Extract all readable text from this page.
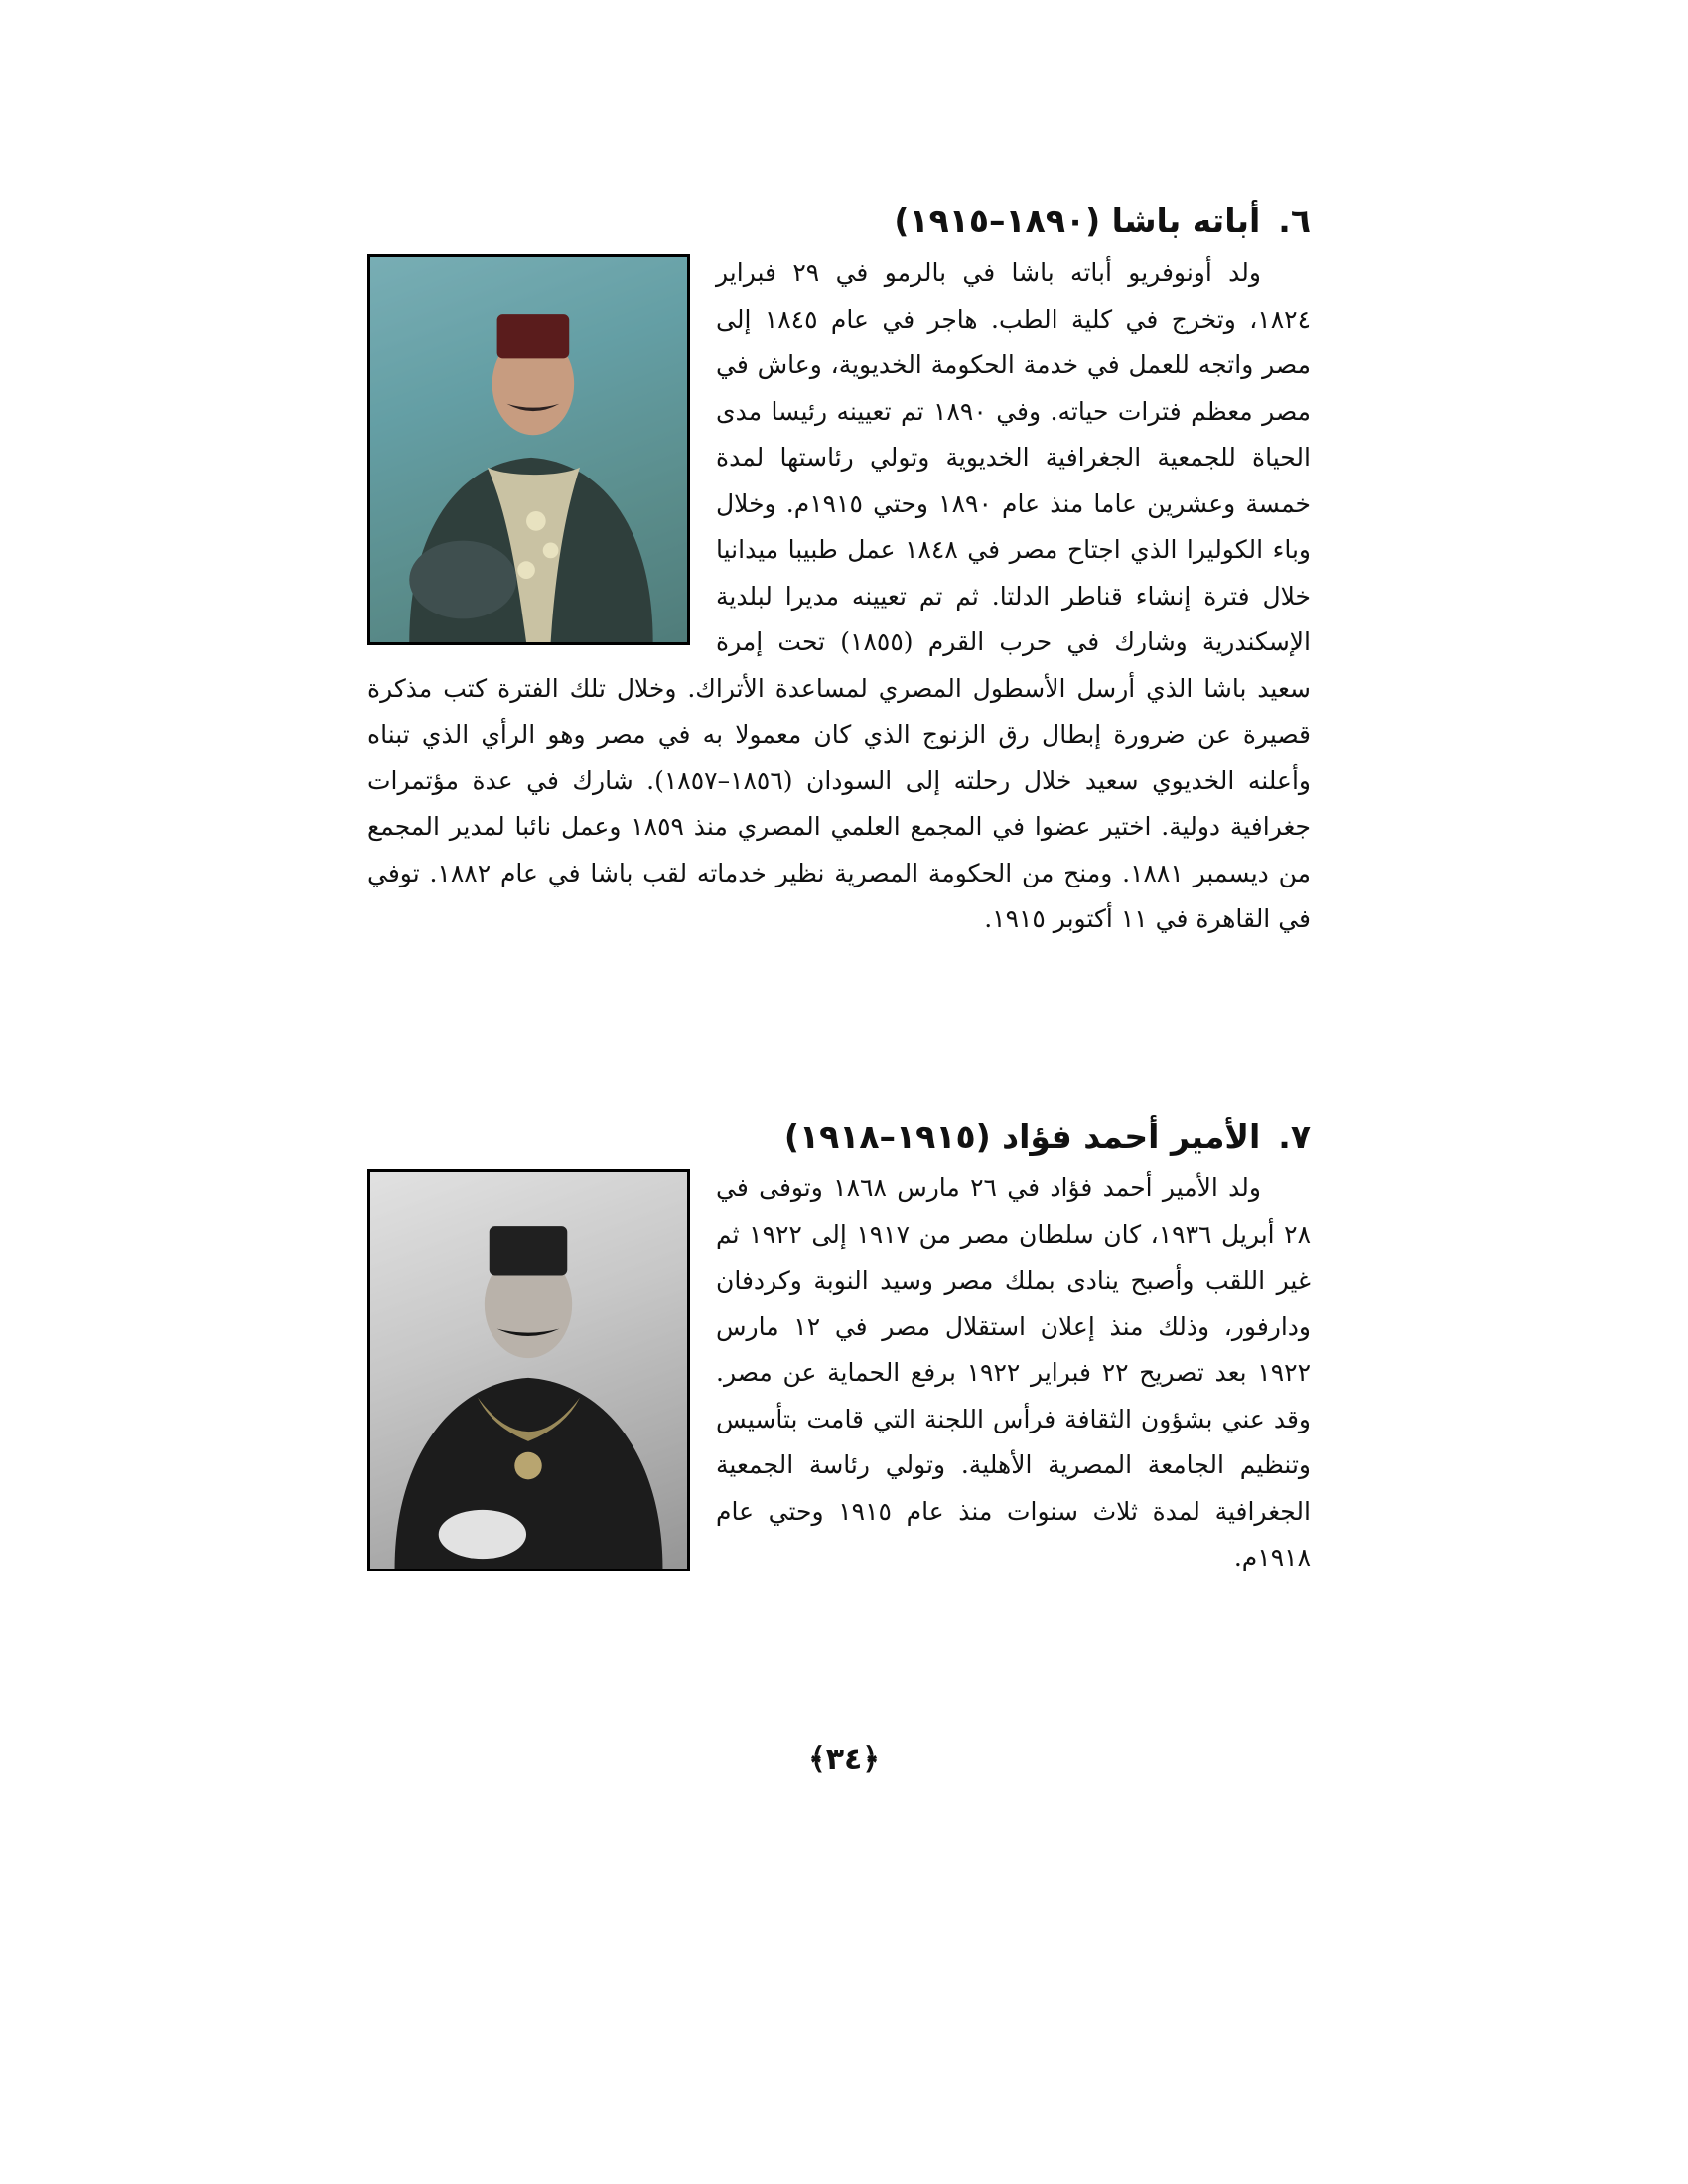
٦.أباته باشا (١٨٩٠–١٩١٥)

ولد أونوفريو أباته باشا في بالرمو في ٢٩ فبراير ١٨٢٤، وتخرج في كلية الطب. هاجر في عام ١٨٤٥ إلى مصر واتجه للعمل في خدمة الحكومة الخديوية، وعاش في مصر معظم فترات حياته. وفي ١٨٩٠ تم تعيينه رئيسا مدى الحياة للجمعية الجغرافية الخديوية وتولي رئاستها لمدة خمسة وعشرين عاما منذ عام ١٨٩٠ وحتي ١٩١٥م. وخلال وباء الكوليرا الذي اجتاح مصر في ١٨٤٨ عمل طبيبا ميدانيا خلال فترة إنشاء قناطر الدلتا. ثم تم تعيينه مديرا لبلدية الإسكندرية وشارك في حرب القرم (١٨٥٥) تحت إمرة سعيد باشا الذي أرسل الأسطول المصري لمساعدة الأتراك. وخلال تلك الفترة كتب مذكرة قصيرة عن ضرورة إبطال رق الزنوج الذي كان معمولا به في مصر وهو الرأي الذي تبناه وأعلنه الخديوي سعيد خلال رحلته إلى السودان (١٨٥٦–١٨٥٧). شارك في عدة مؤتمرات جغرافية دولية. اختير عضوا في المجمع العلمي المصري منذ ١٨٥٩ وعمل نائبا لمدير المجمع من ديسمبر ١٨٨١. ومنح من الحكومة المصرية نظير خدماته لقب باشا في عام ١٨٨٢. توفي في القاهرة في ١١ أكتوبر ١٩١٥.

٧.الأمير أحمد فؤاد (١٩١٥–١٩١٨)

ولد الأمير أحمد فؤاد في ٢٦ مارس ١٨٦٨ وتوفى في ٢٨ أبريل ١٩٣٦، كان سلطان مصر من ١٩١٧ إلى ١٩٢٢ ثم غير اللقب وأصبح ينادى بملك مصر وسيد النوبة وكردفان ودارفور، وذلك منذ إعلان استقلال مصر في ١٢ مارس ١٩٢٢ بعد تصريح ٢٢ فبراير ١٩٢٢ برفع الحماية عن مصر. وقد عني بشؤون الثقافة فرأس اللجنة التي قامت بتأسيس وتنظيم الجامعة المصرية الأهلية. وتولي رئاسة الجمعية الجغرافية لمدة ثلاث سنوات منذ عام ١٩١٥ وحتي عام ١٩١٨م.

﴿٣٤﴾
